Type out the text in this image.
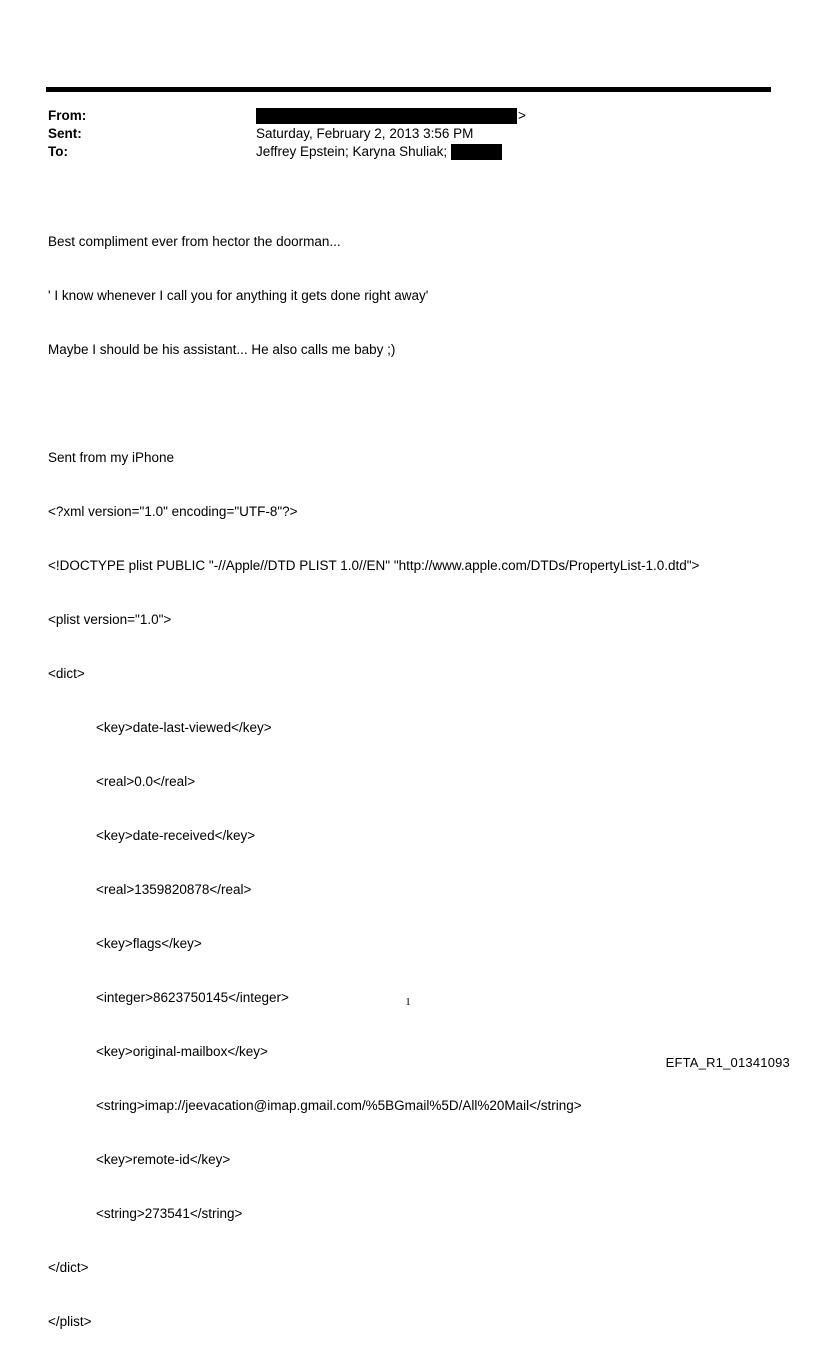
From:	>
Sent:	Saturday, February 2, 2013 3:56 PM
To:	Jeffrey Epstein; Karyna Shuliak;

Best compliment ever from hector the doorman...

' I know whenever I call you for anything it gets done right away'

Maybe I should be his assistant... He also calls me baby ;)

Sent from my iPhone

<?xml version="1.0" encoding="UTF-8"?>

<!DOCTYPE plist PUBLIC "-//Apple//DTD PLIST 1.0//EN" "http://www.apple.com/DTDs/PropertyList-1.0.dtd">

<plist version="1.0">

<dict>

<key>date-last-viewed</key>

<real>0.0</real>

<key>date-received</key>

<real>1359820878</real>

<key>flags</key>

<integer>8623750145</integer>

<key>original-mailbox</key>

<string>imap://jeevacation@imap.gmail.com/%5BGmail%5D/All%20Mail</string>

<key>remote-id</key>

<string>273541</string>

</dict>

</plist>

1
EFTA_R1_01341093
